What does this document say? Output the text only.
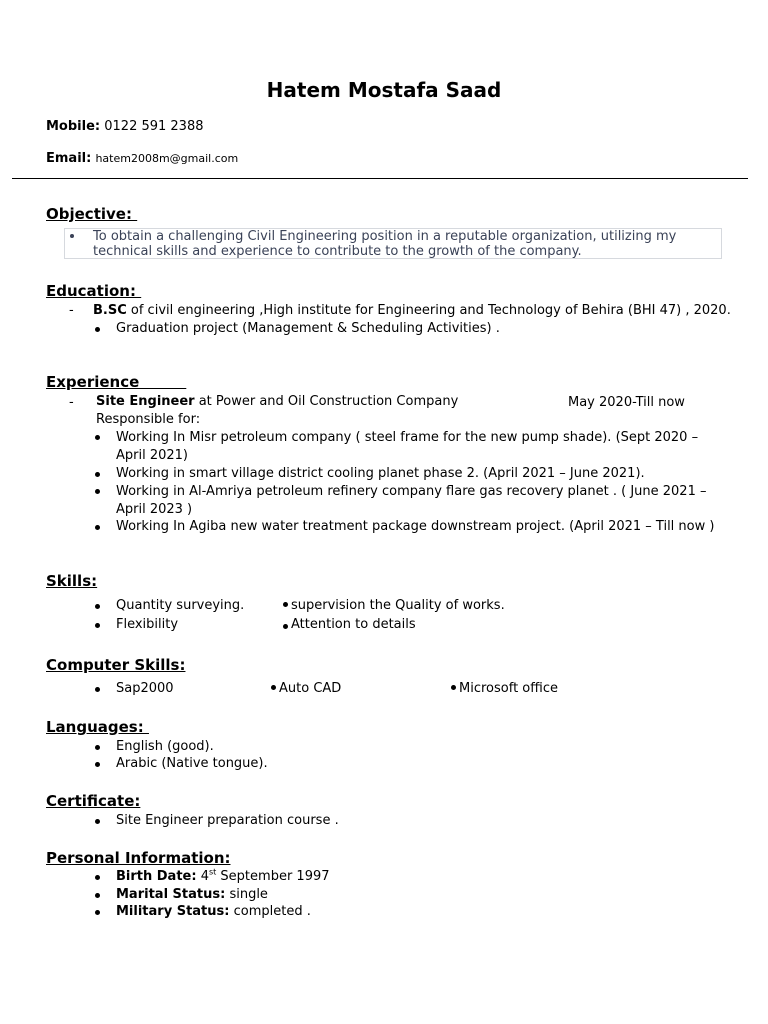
Hatem Mostafa Saad
Mobile: 0122 591 2388
Email: hatem2008m@gmail.com
Objective:
To obtain a challenging Civil Engineering position in a reputable organization, utilizing my technical skills and experience to contribute to the growth of the company.
Education:
- B.SC of civil engineering ,High institute for Engineering and Technology of Behira (BHI 47) , 2020.
Graduation project (Management & Scheduling Activities) .
Experience
- Site Engineer at Power and Oil Construction Company	May 2020-Till now
Responsible for:
Working In Misr petroleum company ( steel frame for the new pump shade). (Sept 2020 – April 2021)
Working in smart village district cooling planet phase 2. (April 2021 – June 2021).
Working in Al-Amriya petroleum refinery company flare gas recovery planet . ( June 2021 – April 2023 )
Working In Agiba new water treatment package downstream project. (April 2021 – Till now )
Skills:
Quantity surveying.	supervision the Quality of works.
Flexibility	Attention to details
Computer Skills:
Sap2000	Auto CAD	Microsoft office
Languages:
English (good).
Arabic (Native tongue).
Certificate:
Site Engineer preparation course .
Personal Information:
Birth Date: 4st September 1997
Marital Status: single
Military Status: completed .
